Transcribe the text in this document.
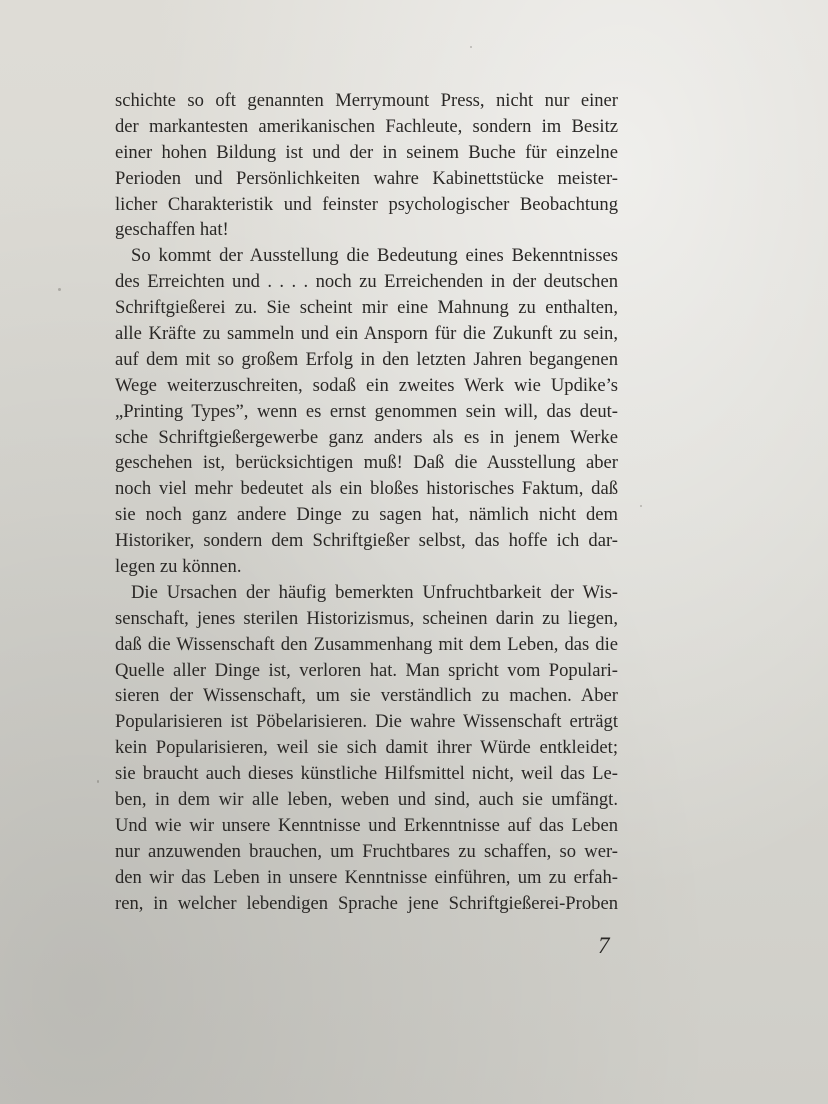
schichte so oft genannten Merrymount Press, nicht nur einer
der markantesten amerikanischen Fachleute, sondern im Besitz
einer hohen Bildung ist und der in seinem Buche für einzelne
Perioden und Persönlichkeiten wahre Kabinettstücke meister-
licher Charakteristik und feinster psychologischer Beobachtung
geschaffen hat!
So kommt der Ausstellung die Bedeutung eines Bekenntnisses
des Erreichten und . . . . noch zu Erreichenden in der deutschen
Schriftgießerei zu. Sie scheint mir eine Mahnung zu enthalten,
alle Kräfte zu sammeln und ein Ansporn für die Zukunft zu sein,
auf dem mit so großem Erfolg in den letzten Jahren begangenen
Wege weiterzuschreiten, sodaß ein zweites Werk wie Updike’s
„Printing Types”, wenn es ernst genommen sein will, das deut-
sche Schriftgießergewerbe ganz anders als es in jenem Werke
geschehen ist, berücksichtigen muß! Daß die Ausstellung aber
noch viel mehr bedeutet als ein bloßes historisches Faktum, daß
sie noch ganz andere Dinge zu sagen hat, nämlich nicht dem
Historiker, sondern dem Schriftgießer selbst, das hoffe ich dar-
legen zu können.
Die Ursachen der häufig bemerkten Unfruchtbarkeit der Wis-
senschaft, jenes sterilen Historizismus, scheinen darin zu liegen,
daß die Wissenschaft den Zusammenhang mit dem Leben, das die
Quelle aller Dinge ist, verloren hat. Man spricht vom Populari-
sieren der Wissenschaft, um sie verständlich zu machen. Aber
Popularisieren ist Pöbelarisieren. Die wahre Wissenschaft erträgt
kein Popularisieren, weil sie sich damit ihrer Würde entkleidet;
sie braucht auch dieses künstliche Hilfsmittel nicht, weil das Le-
ben, in dem wir alle leben, weben und sind, auch sie umfängt.
Und wie wir unsere Kenntnisse und Erkenntnisse auf das Leben
nur anzuwenden brauchen, um Fruchtbares zu schaffen, so wer-
den wir das Leben in unsere Kenntnisse einführen, um zu erfah-
ren, in welcher lebendigen Sprache jene Schriftgießerei-Proben
7
